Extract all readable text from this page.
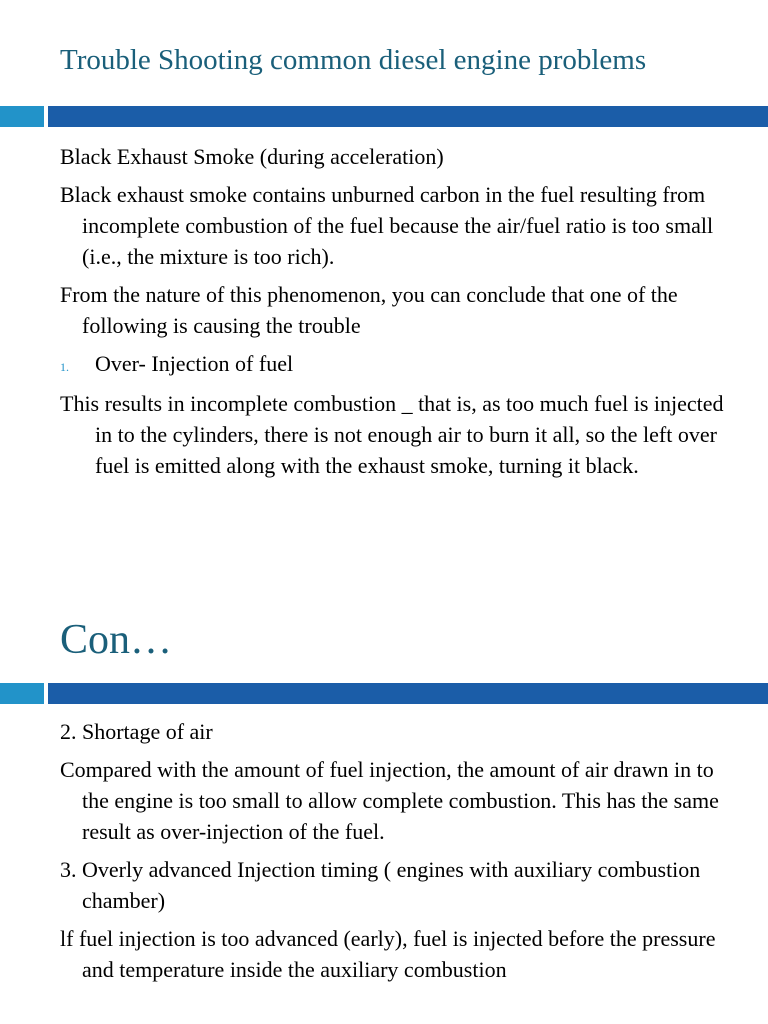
Trouble Shooting common diesel engine problems

Black Exhaust Smoke (during acceleration)

Black exhaust smoke contains unburned carbon in the fuel resulting from incomplete combustion of the fuel because the air/fuel ratio is too small (i.e., the mixture is too rich).

From the nature of this phenomenon, you can conclude that one of the following is causing the trouble

1.	Over- Injection of fuel

This results in incomplete combustion _ that is, as too much fuel is injected in to the cylinders, there is not enough air to burn it all, so the left over fuel is emitted along with the exhaust smoke, turning it black.

Con…

2. Shortage of air

Compared with the amount of fuel injection, the amount of air drawn in to the engine is too small to allow complete combustion. This has the same result as over-injection of the fuel.

3. Overly advanced Injection timing ( engines with auxiliary combustion chamber)

lf fuel injection is too advanced (early), fuel is injected before the pressure and temperature inside the auxiliary combustion
